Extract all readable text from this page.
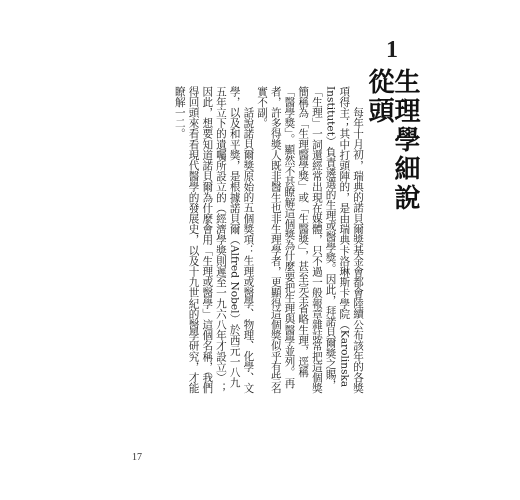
1
生理學細說從頭

每年十月初，瑞典的諾貝爾獎基金會都會陸續公布該年的各獎項得主；其中打頭陣的，是由瑞典卡洛琳斯卡學院（Karolinska Institutet）負責遴選的生理或醫學獎。因此，拜諾貝爾獎之賜，「生理」一詞還經常出現在媒體，只不過一般報章雜誌常把這個獎簡稱為「生理醫學獎」或「生醫獎」，甚至完全省略生理，逕稱「醫學獎」。顯然不甚瞭解這個獎為什麼要把生理與醫學並列。再者，許多得獎人既非醫生也非生理學者，更顯得這個獎似乎有些名實不副。

話說諾貝爾獎原始的五個獎項：生理或醫學、物理、化學、文學，以及和平獎，是根據諾貝爾（Alfred Nobel）於西元一八九五年立下的遺囑所設立的（經濟學獎則遲至一九六八年才設立）；因此，想要知道諾貝爾為什麼會用「生理或醫學」這個名稱，我們得回頭來看看現代醫學的發展史，以及十九世紀的醫學研究，才能瞭解一二。

17
